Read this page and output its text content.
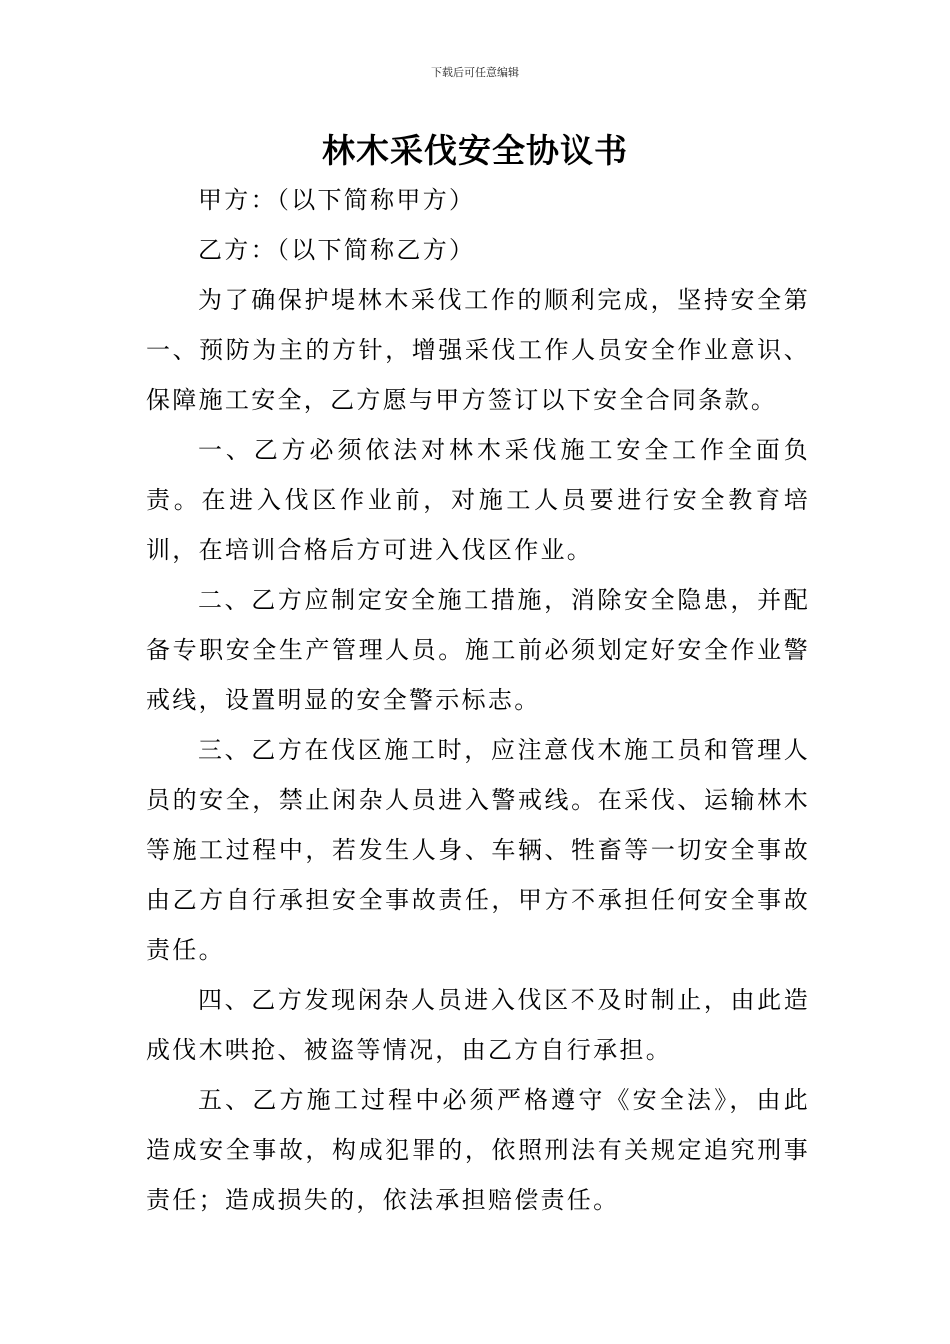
下载后可任意编辑
林木采伐安全协议书

甲方：（以下简称甲方）

乙方：（以下简称乙方）

为了确保护堤林木采伐工作的顺利完成，坚持安全第一、预防为主的方针，增强采伐工作人员安全作业意识、保障施工安全，乙方愿与甲方签订以下安全合同条款。

一、乙方必须依法对林木采伐施工安全工作全面负责。在进入伐区作业前，对施工人员要进行安全教育培训，在培训合格后方可进入伐区作业。

二、乙方应制定安全施工措施，消除安全隐患，并配备专职安全生产管理人员。施工前必须划定好安全作业警戒线，设置明显的安全警示标志。

三、乙方在伐区施工时，应注意伐木施工员和管理人员的安全，禁止闲杂人员进入警戒线。在采伐、运输林木等施工过程中，若发生人身、车辆、牲畜等一切安全事故由乙方自行承担安全事故责任，甲方不承担任何安全事故责任。

四、乙方发现闲杂人员进入伐区不及时制止，由此造成伐木哄抢、被盗等情况，由乙方自行承担。

五、乙方施工过程中必须严格遵守《安全法》，由此造成安全事故，构成犯罪的，依照刑法有关规定追究刑事责任；造成损失的，依法承担赔偿责任。
